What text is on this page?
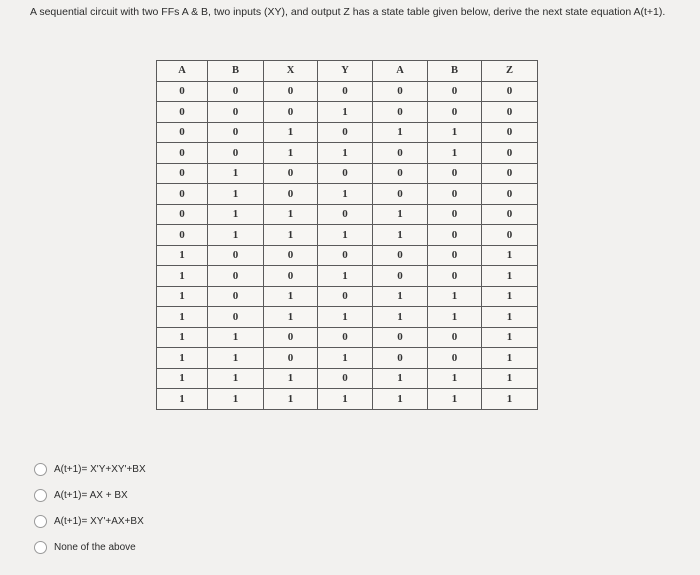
A sequential circuit with two FFs A & B, two inputs (XY), and output Z has a state table given below, derive the next state equation A(t+1).
A	B	X	Y	A	B	Z
0	0	0	0	0	0	0
0	0	0	1	0	0	0
0	0	1	0	1	1	0
0	0	1	1	0	1	0
0	1	0	0	0	0	0
0	1	0	1	0	0	0
0	1	1	0	1	0	0
0	1	1	1	1	0	0
1	0	0	0	0	0	1
1	0	0	1	0	0	1
1	0	1	0	1	1	1
1	0	1	1	1	1	1
1	1	0	0	0	0	1
1	1	0	1	0	0	1
1	1	1	0	1	1	1
1	1	1	1	1	1	1
A(t+1)= X'Y+XY'+BX
A(t+1)= AX + BX
A(t+1)= XY'+AX+BX
None of the above
